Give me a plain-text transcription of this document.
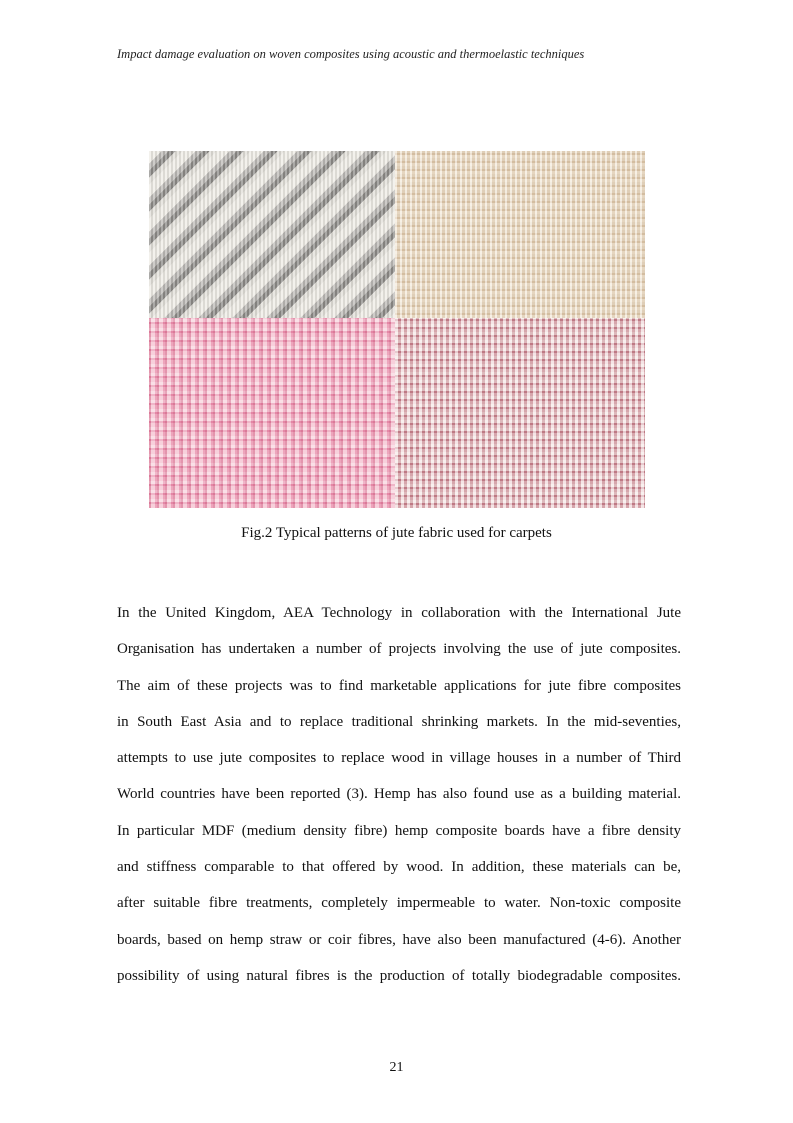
Impact damage evaluation on woven composites using acoustic and thermoelastic techniques
Fig.2 Typical patterns of jute fabric used for carpets

In the United Kingdom, AEA Technology in collaboration with the International Jute
Organisation has undertaken a number of projects involving the use of jute composites.
The aim of these projects was to find marketable applications for jute fibre composites
in South East Asia and to replace traditional shrinking markets. In the mid-seventies,
attempts to use jute composites to replace wood in village houses in a number of Third
World countries have been reported (3). Hemp has also found use as a building material.
In particular MDF (medium density fibre) hemp composite boards have a fibre density
and stiffness comparable to that offered by wood. In addition, these materials can be,
after suitable fibre treatments, completely impermeable to water. Non-toxic composite
boards, based on hemp straw or coir fibres, have also been manufactured (4-6). Another
possibility of using natural fibres is the production of totally biodegradable composites.

21
